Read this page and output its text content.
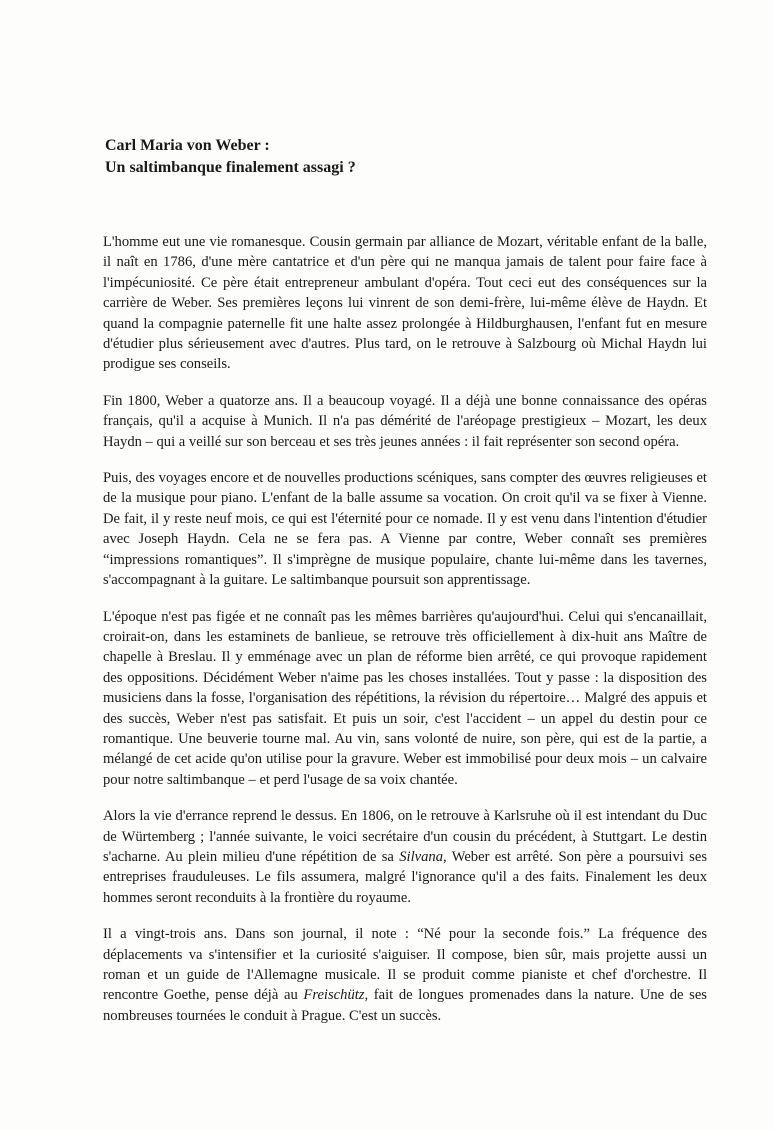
Carl Maria von Weber :
Un saltimbanque finalement assagi ?

L'homme eut une vie romanesque. Cousin germain par alliance de Mozart, véritable enfant de la balle, il naît en 1786, d'une mère cantatrice et d'un père qui ne manqua jamais de talent pour faire face à l'impécuniosité. Ce père était entrepreneur ambulant d'opéra. Tout ceci eut des conséquences sur la carrière de Weber. Ses premières leçons lui vinrent de son demi-frère, lui-même élève de Haydn. Et quand la compagnie paternelle fit une halte assez prolongée à Hildburghausen, l'enfant fut en mesure d'étudier plus sérieusement avec d'autres. Plus tard, on le retrouve à Salzbourg où Michal Haydn lui prodigue ses conseils.

Fin 1800, Weber a quatorze ans. Il a beaucoup voyagé. Il a déjà une bonne connaissance des opéras français, qu'il a acquise à Munich. Il n'a pas démérité de l'aréopage prestigieux – Mozart, les deux Haydn – qui a veillé sur son berceau et ses très jeunes années : il fait représenter son second opéra.

Puis, des voyages encore et de nouvelles productions scéniques, sans compter des œuvres religieuses et de la musique pour piano. L'enfant de la balle assume sa vocation. On croit qu'il va se fixer à Vienne. De fait, il y reste neuf mois, ce qui est l'éternité pour ce nomade. Il y est venu dans l'intention d'étudier avec Joseph Haydn. Cela ne se fera pas. A Vienne par contre, Weber connaît ses premières “impressions romantiques”. Il s'imprègne de musique populaire, chante lui-même dans les tavernes, s'accompagnant à la guitare. Le saltimbanque poursuit son apprentissage.

L'époque n'est pas figée et ne connaît pas les mêmes barrières qu'aujourd'hui. Celui qui s'encanaillait, croirait-on, dans les estaminets de banlieue, se retrouve très officiellement à dix-huit ans Maître de chapelle à Breslau. Il y emménage avec un plan de réforme bien arrêté, ce qui provoque rapidement des oppositions. Décidément Weber n'aime pas les choses installées. Tout y passe : la disposition des musiciens dans la fosse, l'organisation des répétitions, la révision du répertoire… Malgré des appuis et des succès, Weber n'est pas satisfait. Et puis un soir, c'est l'accident – un appel du destin pour ce romantique. Une beuverie tourne mal. Au vin, sans volonté de nuire, son père, qui est de la partie, a mélangé de cet acide qu'on utilise pour la gravure. Weber est immobilisé pour deux mois – un calvaire pour notre saltimbanque – et perd l'usage de sa voix chantée.

Alors la vie d'errance reprend le dessus. En 1806, on le retrouve à Karlsruhe où il est intendant du Duc de Würtemberg ; l'année suivante, le voici secrétaire d'un cousin du précédent, à Stuttgart. Le destin s'acharne. Au plein milieu d'une répétition de sa Silvana, Weber est arrêté. Son père a poursuivi ses entreprises frauduleuses. Le fils assumera, malgré l'ignorance qu'il a des faits. Finalement les deux hommes seront reconduits à la frontière du royaume.

Il a vingt-trois ans. Dans son journal, il note : “Né pour la seconde fois.” La fréquence des déplacements va s'intensifier et la curiosité s'aiguiser. Il compose, bien sûr, mais projette aussi un roman et un guide de l'Allemagne musicale. Il se produit comme pianiste et chef d'orchestre. Il rencontre Goethe, pense déjà au Freischütz, fait de longues promenades dans la nature. Une de ses nombreuses tournées le conduit à Prague. C'est un succès.
